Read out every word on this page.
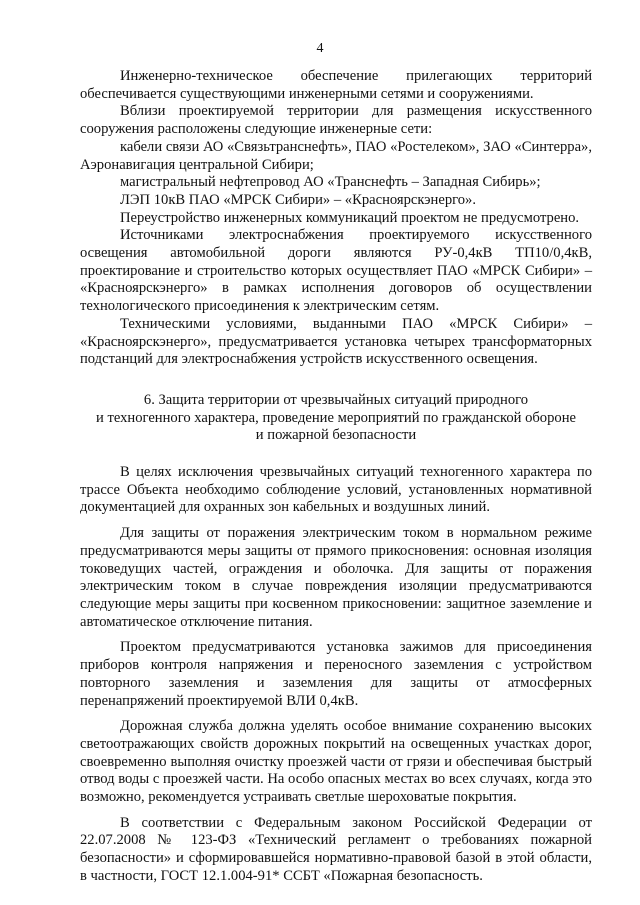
4

Инженерно-техническое обеспечение прилегающих территорий обеспечивается существующими инженерными сетями и сооружениями.

Вблизи проектируемой территории для размещения искусственного сооружения расположены следующие инженерные сети:

кабели связи АО «Связьтранснефть», ПАО «Ростелеком», ЗАО «Синтерра», Аэронавигация центральной Сибири;

магистральный нефтепровод АО «Транснефть – Западная Сибирь»;

ЛЭП 10кВ ПАО «МРСК Сибири» – «Красноярскэнерго».

Переустройство инженерных коммуникаций проектом не предусмотрено.

Источниками электроснабжения проектируемого искусственного освещения автомобильной дороги являются РУ-0,4кВ ТП10/0,4кВ, проектирование и строительство которых осуществляет ПАО «МРСК Сибири» – «Красноярскэнерго» в рамках исполнения договоров об осуществлении технологического присоединения к электрическим сетям.

Техническими условиями, выданными ПАО «МРСК Сибири» – «Красноярскэнерго», предусматривается установка четырех трансформаторных подстанций для электроснабжения устройств искусственного освещения.

6. Защита территории от чрезвычайных ситуаций природного
и техногенного характера, проведение мероприятий по гражданской обороне
и пожарной безопасности

В целях исключения чрезвычайных ситуаций техногенного характера по трассе Объекта необходимо соблюдение условий, установленных нормативной документацией для охранных зон кабельных и воздушных линий.

Для защиты от поражения электрическим током в нормальном режиме предусматриваются меры защиты от прямого прикосновения: основная изоляция токоведущих частей, ограждения и оболочка. Для защиты от поражения электрическим током в случае повреждения изоляции предусматриваются следующие меры защиты при косвенном прикосновении: защитное заземление и автоматическое отключение питания.

Проектом предусматриваются установка зажимов для присоединения приборов контроля напряжения и переносного заземления с устройством повторного заземления и заземления для защиты от атмосферных перенапряжений проектируемой ВЛИ 0,4кВ.

Дорожная служба должна уделять особое внимание сохранению высоких светоотражающих свойств дорожных покрытий на освещенных участках дорог, своевременно выполняя очистку проезжей части от грязи и обеспечивая быстрый отвод воды с проезжей части. На особо опасных местах во всех случаях, когда это возможно, рекомендуется устраивать светлые шероховатые покрытия.

В соответствии с Федеральным законом Российской Федерации от 22.07.2008 № 123-ФЗ «Технический регламент о требованиях пожарной безопасности» и сформировавшейся нормативно-правовой базой в этой области, в частности, ГОСТ 12.1.004-91* ССБТ «Пожарная безопасность.
